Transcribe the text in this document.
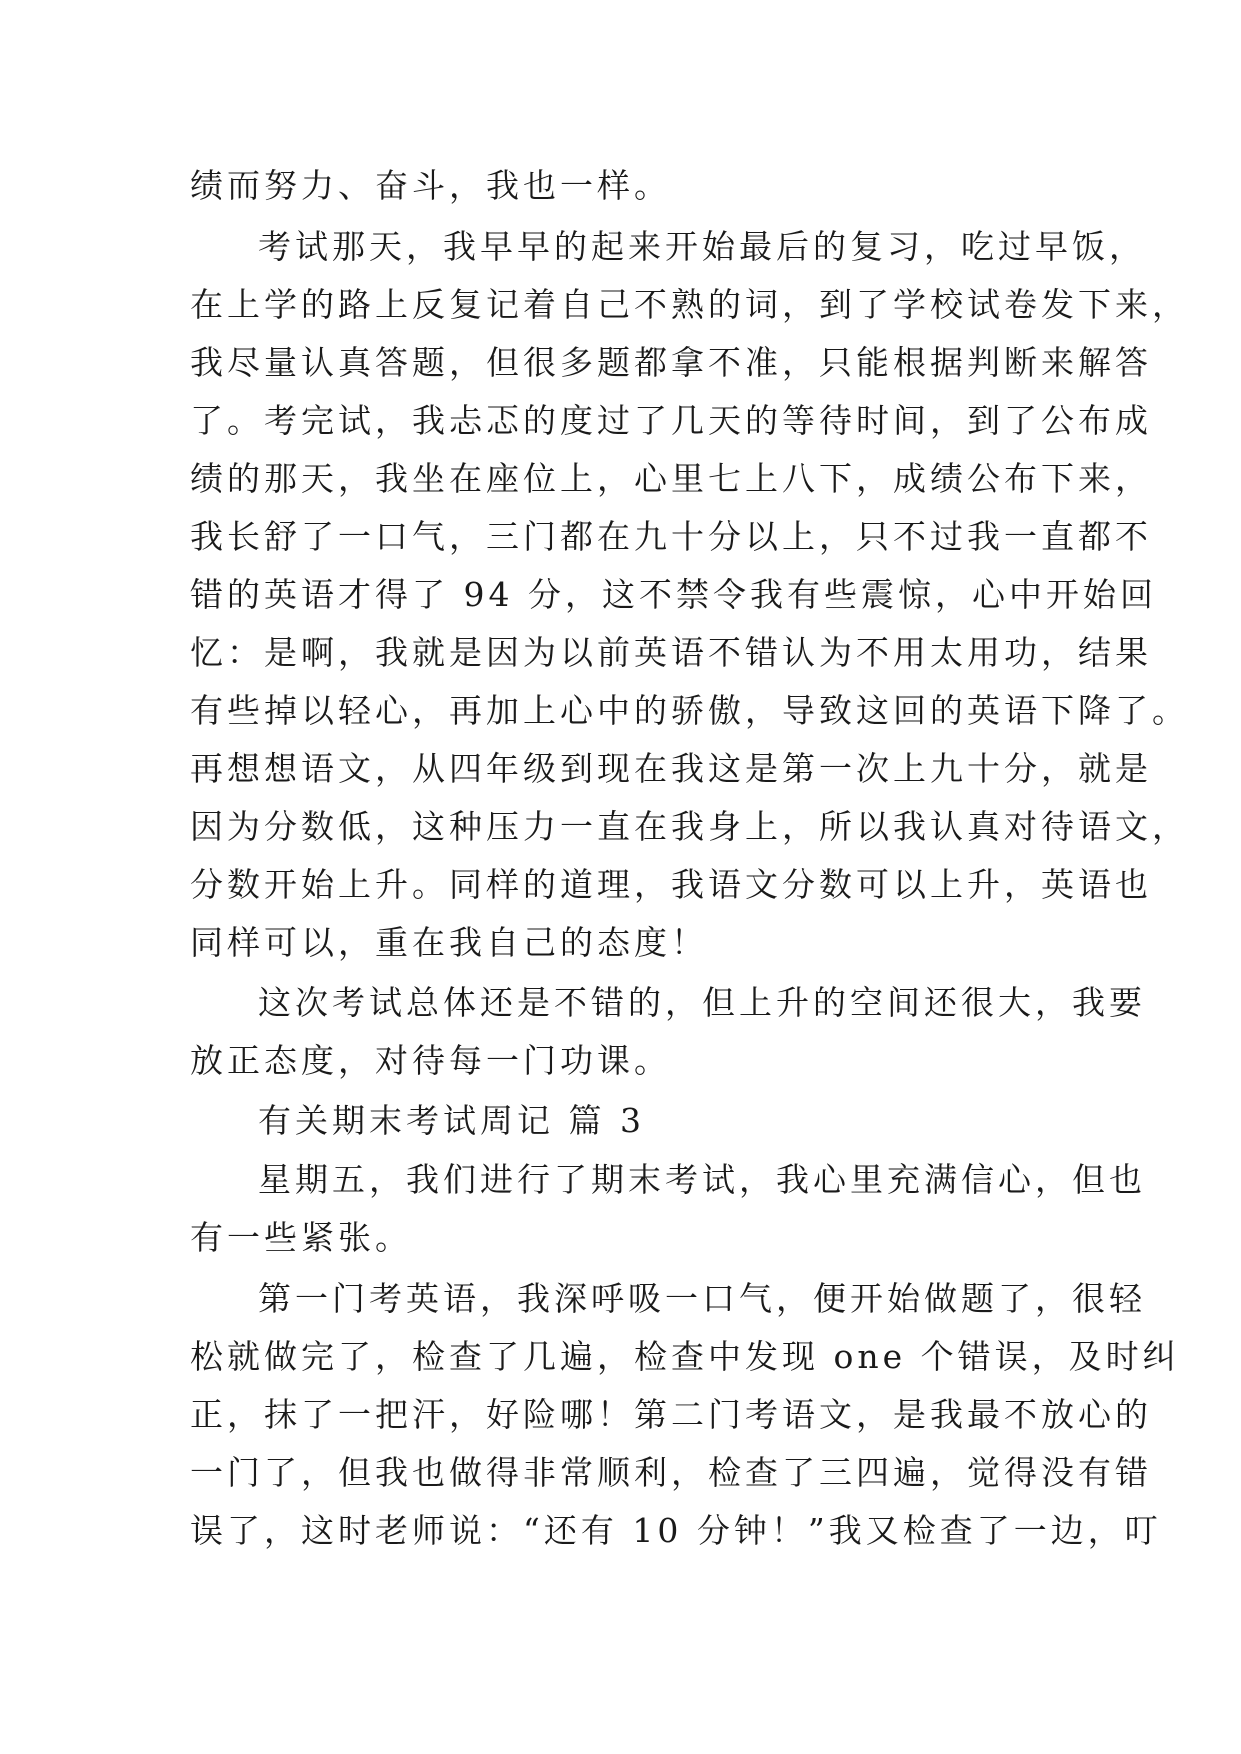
绩而努力、奋斗，我也一样。
考试那天，我早早的起来开始最后的复习，吃过早饭，
在上学的路上反复记着自己不熟的词，到了学校试卷发下来，
我尽量认真答题，但很多题都拿不准，只能根据判断来解答
了。考完试，我忐忑的度过了几天的等待时间，到了公布成
绩的那天，我坐在座位上，心里七上八下，成绩公布下来，
我长舒了一口气，三门都在九十分以上，只不过我一直都不
错的英语才得了 94 分，这不禁令我有些震惊，心中开始回
忆：是啊，我就是因为以前英语不错认为不用太用功，结果
有些掉以轻心，再加上心中的骄傲，导致这回的英语下降了。
再想想语文，从四年级到现在我这是第一次上九十分，就是
因为分数低，这种压力一直在我身上，所以我认真对待语文，
分数开始上升。同样的道理，我语文分数可以上升，英语也
同样可以，重在我自己的态度！
这次考试总体还是不错的，但上升的空间还很大，我要
放正态度，对待每一门功课。
有关期末考试周记 篇 3
星期五，我们进行了期末考试，我心里充满信心，但也
有一些紧张。
第一门考英语，我深呼吸一口气，便开始做题了，很轻
松就做完了，检查了几遍，检查中发现 one 个错误，及时纠
正，抹了一把汗，好险哪！第二门考语文，是我最不放心的
一门了，但我也做得非常顺利，检查了三四遍，觉得没有错
误了，这时老师说：“还有 10 分钟！”我又检查了一边，叮
